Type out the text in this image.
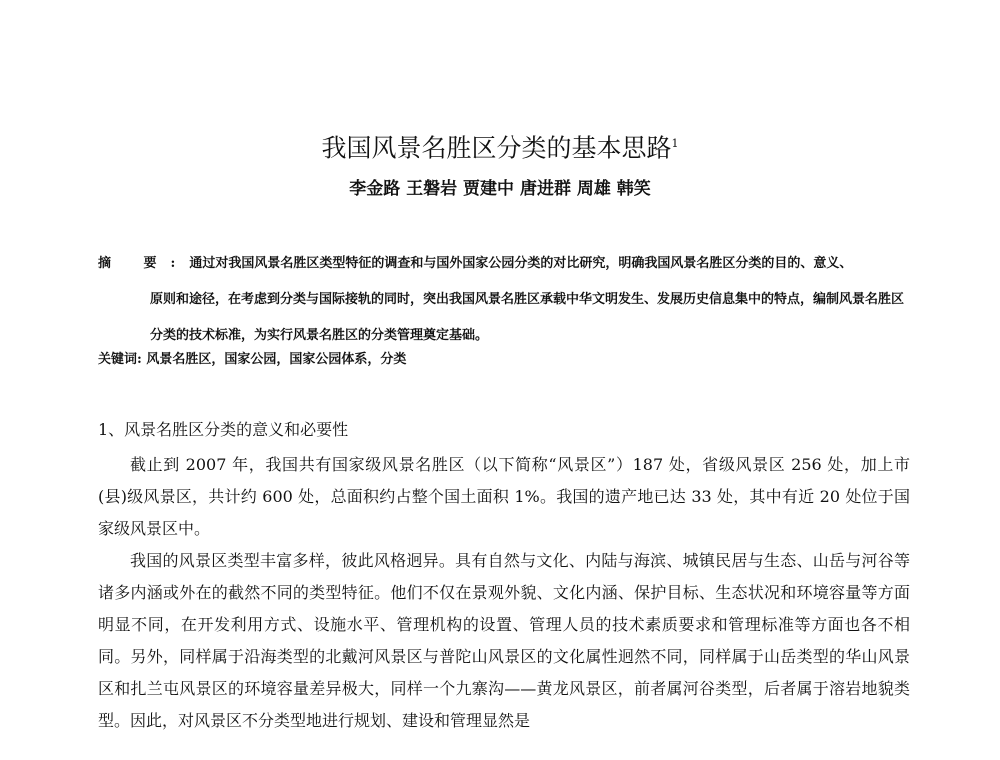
我国风景名胜区分类的基本思路$^1$
李金路 王磐岩 贾建中 唐进群 周雄 韩笑
摘 要:通过对我国风景名胜区类型特征的调查和与国外国家公园分类的对比研究，明确我国风景名胜区分类的目的、意义、
原则和途径，在考虑到分类与国际接轨的同时，突出我国风景名胜区承载中华文明发生、发展历史信息集中的特点，编制风景名胜区分类的技术标准，为实行风景名胜区的分类管理奠定基础。
关键词: 风景名胜区，国家公园，国家公园体系，分类
1、风景名胜区分类的意义和必要性

截止到 2007 年，我国共有国家级风景名胜区（以下简称“风景区”）187 处，省级风景区 256 处，加上市(县)级风景区，共计约 600 处，总面积约占整个国土面积 1%。我国的遗产地已达 33 处，其中有近 20 处位于国家级风景区中。

我国的风景区类型丰富多样，彼此风格迥异。具有自然与文化、内陆与海滨、城镇民居与生态、山岳与河谷等诸多内涵或外在的截然不同的类型特征。他们不仅在景观外貌、文化内涵、保护目标、生态状况和环境容量等方面明显不同，在开发利用方式、设施水平、管理机构的设置、管理人员的技术素质要求和管理标准等方面也各不相同。另外，同样属于沿海类型的北戴河风景区与普陀山风景区的文化属性迥然不同，同样属于山岳类型的华山风景区和扎兰屯风景区的环境容量差异极大，同样一个九寨沟——黄龙风景区，前者属河谷类型，后者属于溶岩地貌类型。因此，对风景区不分类型地进行规划、建设和管理显然是
